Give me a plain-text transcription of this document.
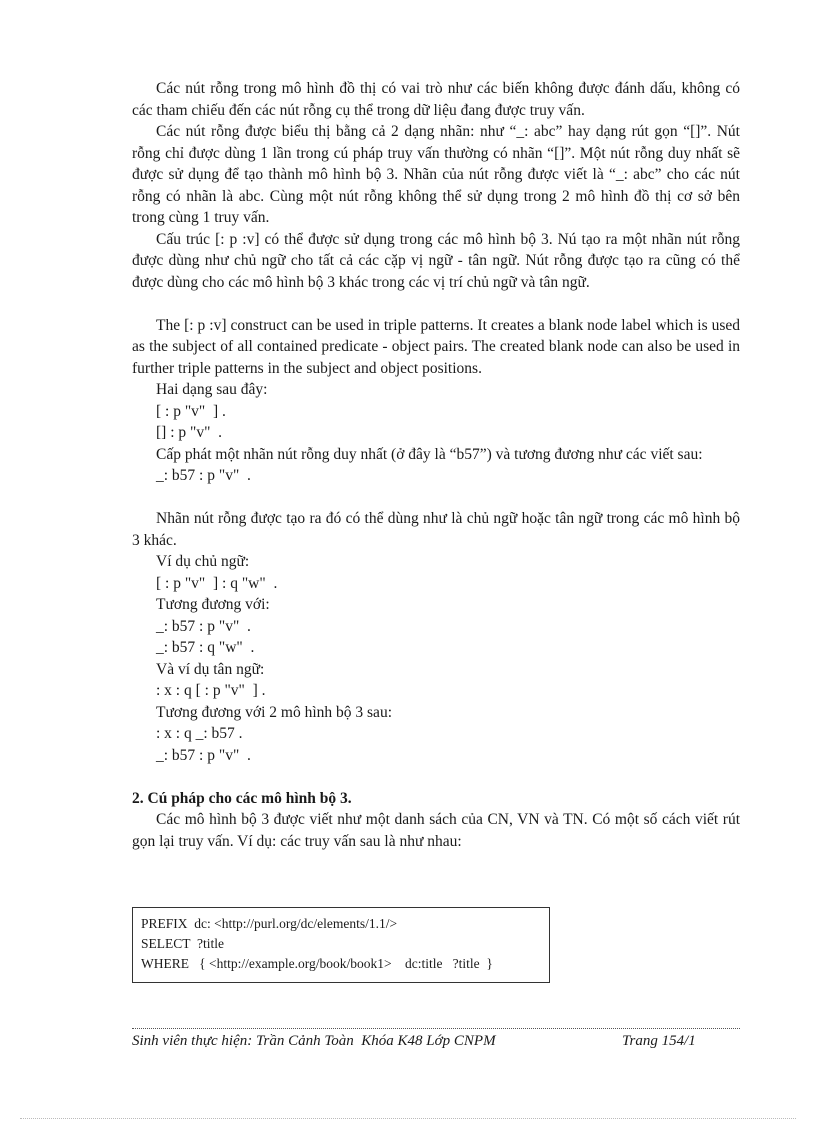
Các nút rỗng trong mô hình đồ thị có vai trò như các biến không được đánh dấu, không có các tham chiếu đến các nút rỗng cụ thể trong dữ liệu đang được truy vấn.

Các nút rỗng được biểu thị bằng cả 2 dạng nhãn: như “_: abc” hay dạng rút gọn “[]”. Nút rỗng chỉ được dùng 1 lần trong cú pháp truy vấn thường có nhãn “[]”. Một nút rỗng duy nhất sẽ được sử dụng để tạo thành mô hình bộ 3. Nhãn của nút rỗng được viết là “_: abc” cho các nút rỗng có nhãn là abc. Cùng một nút rỗng không thể sử dụng trong 2 mô hình đồ thị cơ sở bên trong cùng 1 truy vấn.

Cấu trúc [: p :v] có thể được sử dụng trong các mô hình bộ 3. Nú tạo ra một nhãn nút rỗng được dùng như chủ ngữ cho tất cả các cặp vị ngữ - tân ngữ. Nút rỗng được tạo ra cũng có thể được dùng cho các mô hình bộ 3 khác trong các vị trí chủ ngữ và tân ngữ.

The [: p :v] construct can be used in triple patterns. It creates a blank node label which is used as the subject of all contained predicate - object pairs. The created blank node can also be used in further triple patterns in the subject and object positions.

Hai dạng sau đây:

[ : p "v"  ] .

[] : p "v"  .

Cấp phát một nhãn nút rỗng duy nhất (ở đây là “b57”) và tương đương như các viết sau:

_: b57 : p "v"  .

Nhãn nút rỗng được tạo ra đó có thể dùng như là chủ ngữ hoặc tân ngữ trong các mô hình bộ 3 khác.

Ví dụ chủ ngữ:

[ : p "v"  ] : q "w"  .

Tương đương với:

_: b57 : p "v"  .

_: b57 : q "w"  .

Và ví dụ tân ngữ:

: x : q [ : p "v"  ] .

Tương đương với 2 mô hình bộ 3 sau:

: x : q _: b57 .

_: b57 : p "v"  .

2. Cú pháp cho các mô hình bộ 3.

Các mô hình bộ 3 được viết như một danh sách của CN, VN và TN. Có một số cách viết rút gọn lại truy vấn. Ví dụ: các truy vấn sau là như nhau:

PREFIX  dc: <http://purl.org/dc/elements/1.1/>
SELECT  ?title
WHERE   { <http://example.org/book/book1>    dc:title   ?title  }
Sinh viên thực hiện: Trần Cảnh Toàn  Khóa K48 Lớp CNPM	Trang 154/1
